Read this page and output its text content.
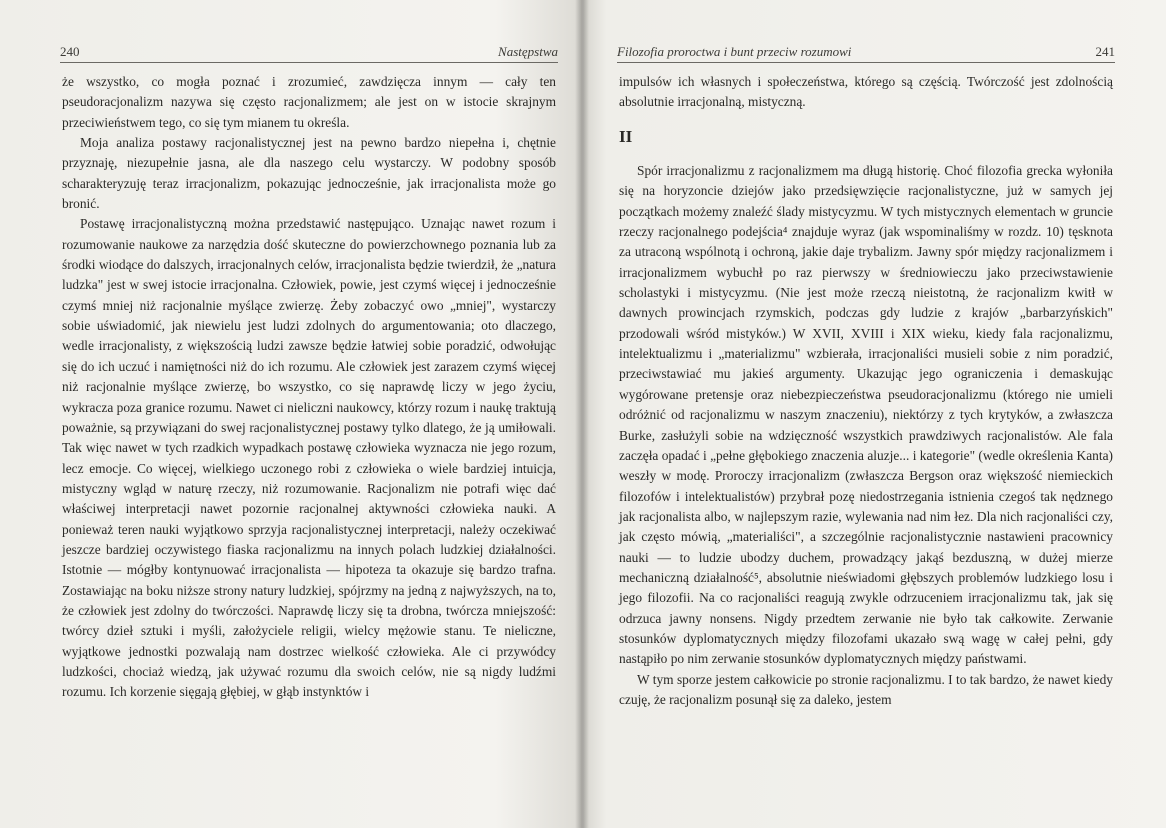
240	Następstwa

że wszystko, co mogła poznać i zrozumieć, zawdzięcza innym — cały ten pseudoracjonalizm nazywa się często racjonalizmem; ale jest on w istocie skrajnym przeciwieństwem tego, co się tym mianem tu określa.

Moja analiza postawy racjonalistycznej jest na pewno bardzo niepełna i, chętnie przyznaję, niezupełnie jasna, ale dla naszego celu wystarczy. W podobny sposób scharakteryzuję teraz irracjonalizm, pokazując jednocześnie, jak irracjonalista może go bronić.

Postawę irracjonalistyczną można przedstawić następująco. Uznając nawet rozum i rozumowanie naukowe za narzędzia dość skuteczne do powierzchownego poznania lub za środki wiodące do dalszych, irracjonalnych celów, irracjonalista będzie twierdził, że „natura ludzka" jest w swej istocie irracjonalna. Człowiek, powie, jest czymś więcej i jednocześnie czymś mniej niż racjonalnie myślące zwierzę. Żeby zobaczyć owo „mniej", wystarczy sobie uświadomić, jak niewielu jest ludzi zdolnych do argumentowania; oto dlaczego, wedle irracjonalisty, z większością ludzi zawsze będzie łatwiej sobie poradzić, odwołując się do ich uczuć i namiętności niż do ich rozumu. Ale człowiek jest zarazem czymś więcej niż racjonalnie myślące zwierzę, bo wszystko, co się naprawdę liczy w jego życiu, wykracza poza granice rozumu. Nawet ci nieliczni naukowcy, którzy rozum i naukę traktują poważnie, są przywiązani do swej racjonalistycznej postawy tylko dlatego, że ją umiłowali. Tak więc nawet w tych rzadkich wypadkach postawę człowieka wyznacza nie jego rozum, lecz emocje. Co więcej, wielkiego uczonego robi z człowieka o wiele bardziej intuicja, mistyczny wgląd w naturę rzeczy, niż rozumowanie. Racjonalizm nie potrafi więc dać właściwej interpretacji nawet pozornie racjonalnej aktywności człowieka nauki. A ponieważ teren nauki wyjątkowo sprzyja racjonalistycznej interpretacji, należy oczekiwać jeszcze bardziej oczywistego fiaska racjonalizmu na innych polach ludzkiej działalności. Istotnie — mógłby kontynuować irracjonalista — hipoteza ta okazuje się bardzo trafna. Zostawiając na boku niższe strony natury ludzkiej, spójrzmy na jedną z najwyższych, na to, że człowiek jest zdolny do twórczości. Naprawdę liczy się ta drobna, twórcza mniejszość: twórcy dzieł sztuki i myśli, założyciele religii, wielcy mężowie stanu. Te nieliczne, wyjątkowe jednostki pozwalają nam dostrzec wielkość człowieka. Ale ci przywódcy ludzkości, chociaż wiedzą, jak używać rozumu dla swoich celów, nie są nigdy ludźmi rozumu. Ich korzenie sięgają głębiej, w głąb instynktów i

Filozofia proroctwa i bunt przeciw rozumowi	241

impulsów ich własnych i społeczeństwa, którego są częścią. Twórczość jest zdolnością absolutnie irracjonalną, mistyczną.

II

Spór irracjonalizmu z racjonalizmem ma długą historię. Choć filozofia grecka wyłoniła się na horyzoncie dziejów jako przedsięwzięcie racjonalistyczne, już w samych jej początkach możemy znaleźć ślady mistycyzmu. W tych mistycznych elementach w gruncie rzeczy racjonalnego podejścia⁴ znajduje wyraz (jak wspominaliśmy w rozdz. 10) tęsknota za utraconą wspólnotą i ochroną, jakie daje trybalizm. Jawny spór między racjonalizmem i irracjonalizmem wybuchł po raz pierwszy w średniowieczu jako przeciwstawienie scholastyki i mistycyzmu. (Nie jest może rzeczą nieistotną, że racjonalizm kwitł w dawnych prowincjach rzymskich, podczas gdy ludzie z krajów „barbarzyńskich" przodowali wśród mistyków.) W XVII, XVIII i XIX wieku, kiedy fala racjonalizmu, intelektualizmu i „materializmu" wzbierała, irracjonaliści musieli sobie z nim poradzić, przeciwstawiać mu jakieś argumenty. Ukazując jego ograniczenia i demaskując wygórowane pretensje oraz niebezpieczeństwa pseudoracjonalizmu (którego nie umieli odróżnić od racjonalizmu w naszym znaczeniu), niektórzy z tych krytyków, a zwłaszcza Burke, zasłużyli sobie na wdzięczność wszystkich prawdziwych racjonalistów. Ale fala zaczęła opadać i „pełne głębokiego znaczenia aluzje... i kategorie" (wedle określenia Kanta) weszły w modę. Proroczy irracjonalizm (zwłaszcza Bergson oraz większość niemieckich filozofów i intelektualistów) przybrał pozę niedostrzegania istnienia czegoś tak nędznego jak racjonalista albo, w najlepszym razie, wylewania nad nim łez. Dla nich racjonaliści czy, jak często mówią, „materialiści", a szczególnie racjonalistycznie nastawieni pracownicy nauki — to ludzie ubodzy duchem, prowadzący jakąś bezduszną, w dużej mierze mechaniczną działalność⁵, absolutnie nieświadomi głębszych problemów ludzkiego losu i jego filozofii. Na co racjonaliści reagują zwykle odrzuceniem irracjonalizmu tak, jak się odrzuca jawny nonsens. Nigdy przedtem zerwanie nie było tak całkowite. Zerwanie stosunków dyplomatycznych między filozofami ukazało swą wagę w całej pełni, gdy nastąpiło po nim zerwanie stosunków dyplomatycznych między państwami.

W tym sporze jestem całkowicie po stronie racjonalizmu. I to tak bardzo, że nawet kiedy czuję, że racjonalizm posunął się za daleko, jestem
